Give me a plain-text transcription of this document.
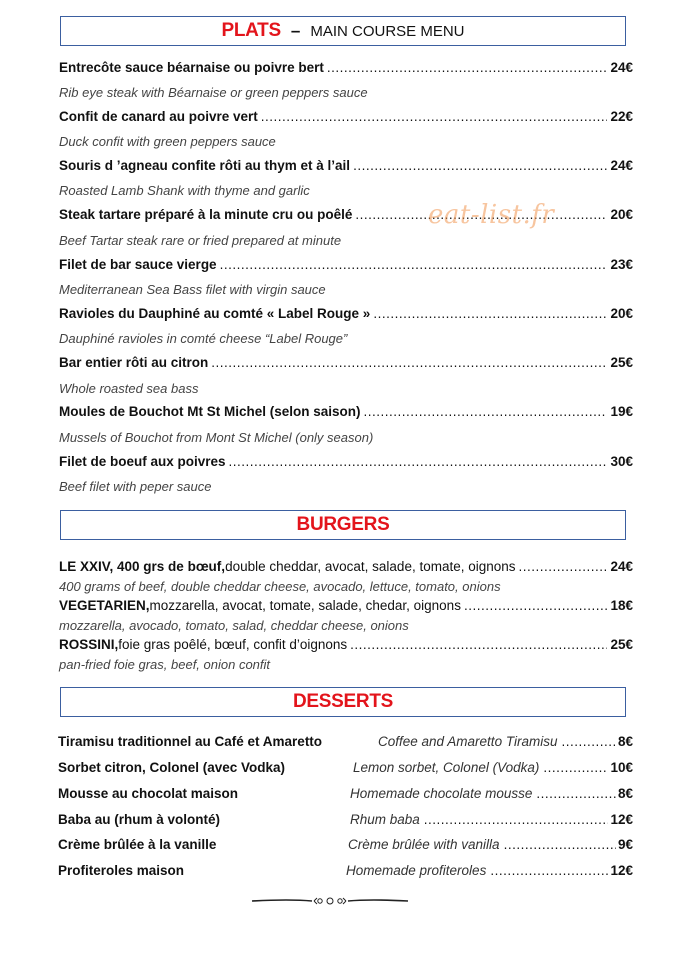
PLATS – MAIN COURSE MENU
Entrecôte sauce béarnaise ou poivre bert .....	24€
Rib eye steak with Béarnaise or green peppers sauce
Confit de canard au poivre vert .....	22€
Duck confit with green peppers sauce
Souris d ’agneau confite rôti au thym et à l’ail .....	24€
Roasted Lamb Shank with thyme and garlic
Steak tartare préparé à la minute cru ou poêlé .....	20€
Beef Tartar steak rare or fried prepared at minute
Filet de bar sauce vierge .....	23€
Mediterranean Sea Bass filet with virgin sauce
Ravioles du Dauphiné au comté « Label Rouge » .....	20€
Dauphiné ravioles in comté cheese “Label Rouge”
Bar entier rôti au citron .....	25€
Whole roasted sea bass
Moules de Bouchot Mt St Michel (selon saison) .....	19€
Mussels of Bouchot from Mont St Michel (only season)
Filet de boeuf aux poivres .....	30€
Beef filet with peper sauce
BURGERS
LE XXIV, 400 grs de bœuf, double cheddar, avocat, salade, tomate, oignons .....	24€
400 grams of beef, double cheddar cheese, avocado, lettuce, tomato, onions
VEGETARIEN, mozzarella, avocat, tomate, salade, chedar, oignons .....	18€
mozzarella, avocado, tomato, salad, cheddar cheese, onions
ROSSINI, foie gras poêlé, bœuf, confit d’oignons .....	25€
pan-fried foie gras, beef, onion confit
DESSERTS
Tiramisu traditionnel au Café et Amaretto	Coffee and Amaretto Tiramisu .....	8€
Sorbet citron, Colonel (avec Vodka)	Lemon sorbet, Colonel (Vodka) .....	10€
Mousse au chocolat maison	Homemade chocolate mousse .....	8€
Baba au (rhum à volonté)	Rhum baba .....	12€
Crème brûlée à la vanille	Crème brûlée with vanilla .....	9€
Profiteroles maison	Homemade profiteroles .....	12€
eat-list.fr
